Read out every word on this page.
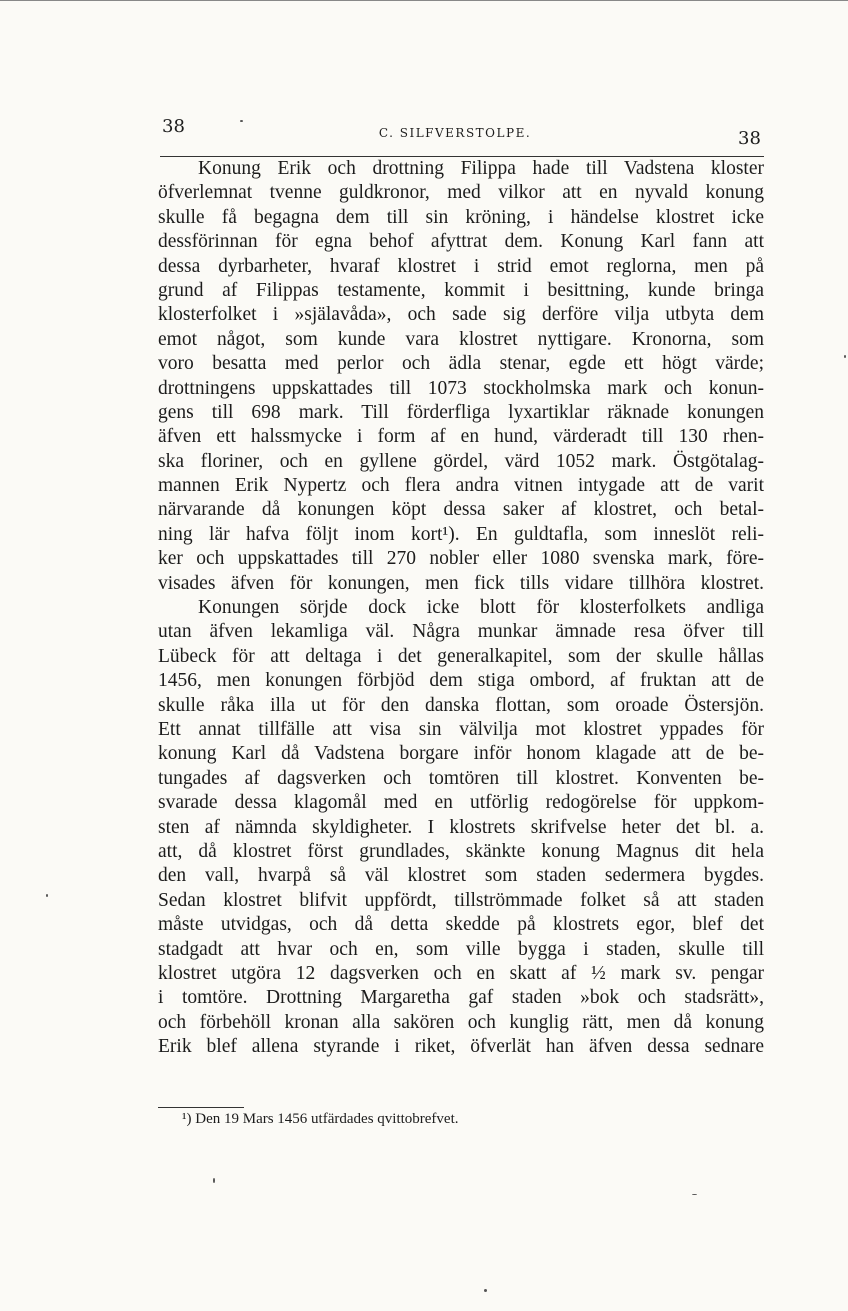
38	C. SILFVERSTOLPE.	38
Konung Erik och drottning Filippa hade till Vadstena kloster
öfverlemnat tvenne guldkronor, med vilkor att en nyvald konung
skulle få begagna dem till sin kröning, i händelse klostret icke
dessförinnan för egna behof afyttrat dem. Konung Karl fann att
dessa dyrbarheter, hvaraf klostret i strid emot reglorna, men på
grund af Filippas testamente, kommit i besittning, kunde bringa
klosterfolket i »själavåda», och sade sig derföre vilja utbyta dem
emot något, som kunde vara klostret nyttigare. Kronorna, som
voro besatta med perlor och ädla stenar, egde ett högt värde;
drottningens uppskattades till 1073 stockholmska mark och konun-
gens till 698 mark. Till förderfliga lyxartiklar räknade konungen
äfven ett halssmycke i form af en hund, värderadt till 130 rhen-
ska floriner, och en gyllene gördel, värd 1052 mark. Östgötalag-
mannen Erik Nypertz och flera andra vitnen intygade att de varit
närvarande då konungen köpt dessa saker af klostret, och betal-
ning lär hafva följt inom kort¹). En guldtafla, som inneslöt reli-
ker och uppskattades till 270 nobler eller 1080 svenska mark, före-
visades äfven för konungen, men fick tills vidare tillhöra klostret.
Konungen sörjde dock icke blott för klosterfolkets andliga
utan äfven lekamliga väl. Några munkar ämnade resa öfver till
Lübeck för att deltaga i det generalkapitel, som der skulle hållas
1456, men konungen förbjöd dem stiga ombord, af fruktan att de
skulle råka illa ut för den danska flottan, som oroade Östersjön.
Ett annat tillfälle att visa sin välvilja mot klostret yppades för
konung Karl då Vadstena borgare inför honom klagade att de be-
tungades af dagsverken och tomtören till klostret. Konventen be-
svarade dessa klagomål med en utförlig redogörelse för uppkom-
sten af nämnda skyldigheter. I klostrets skrifvelse heter det bl. a.
att, då klostret först grundlades, skänkte konung Magnus dit hela
den vall, hvarpå så väl klostret som staden sedermera bygdes.
Sedan klostret blifvit uppfördt, tillströmmade folket så att staden
måste utvidgas, och då detta skedde på klostrets egor, blef det
stadgadt att hvar och en, som ville bygga i staden, skulle till
klostret utgöra 12 dagsverken och en skatt af ½ mark sv. pengar
i tomtöre. Drottning Margaretha gaf staden »bok och stadsrätt»,
och förbehöll kronan alla sakören och kunglig rätt, men då konung
Erik blef allena styrande i riket, öfverlät han äfven dessa sednare
¹) Den 19 Mars 1456 utfärdades qvittobrefvet.
